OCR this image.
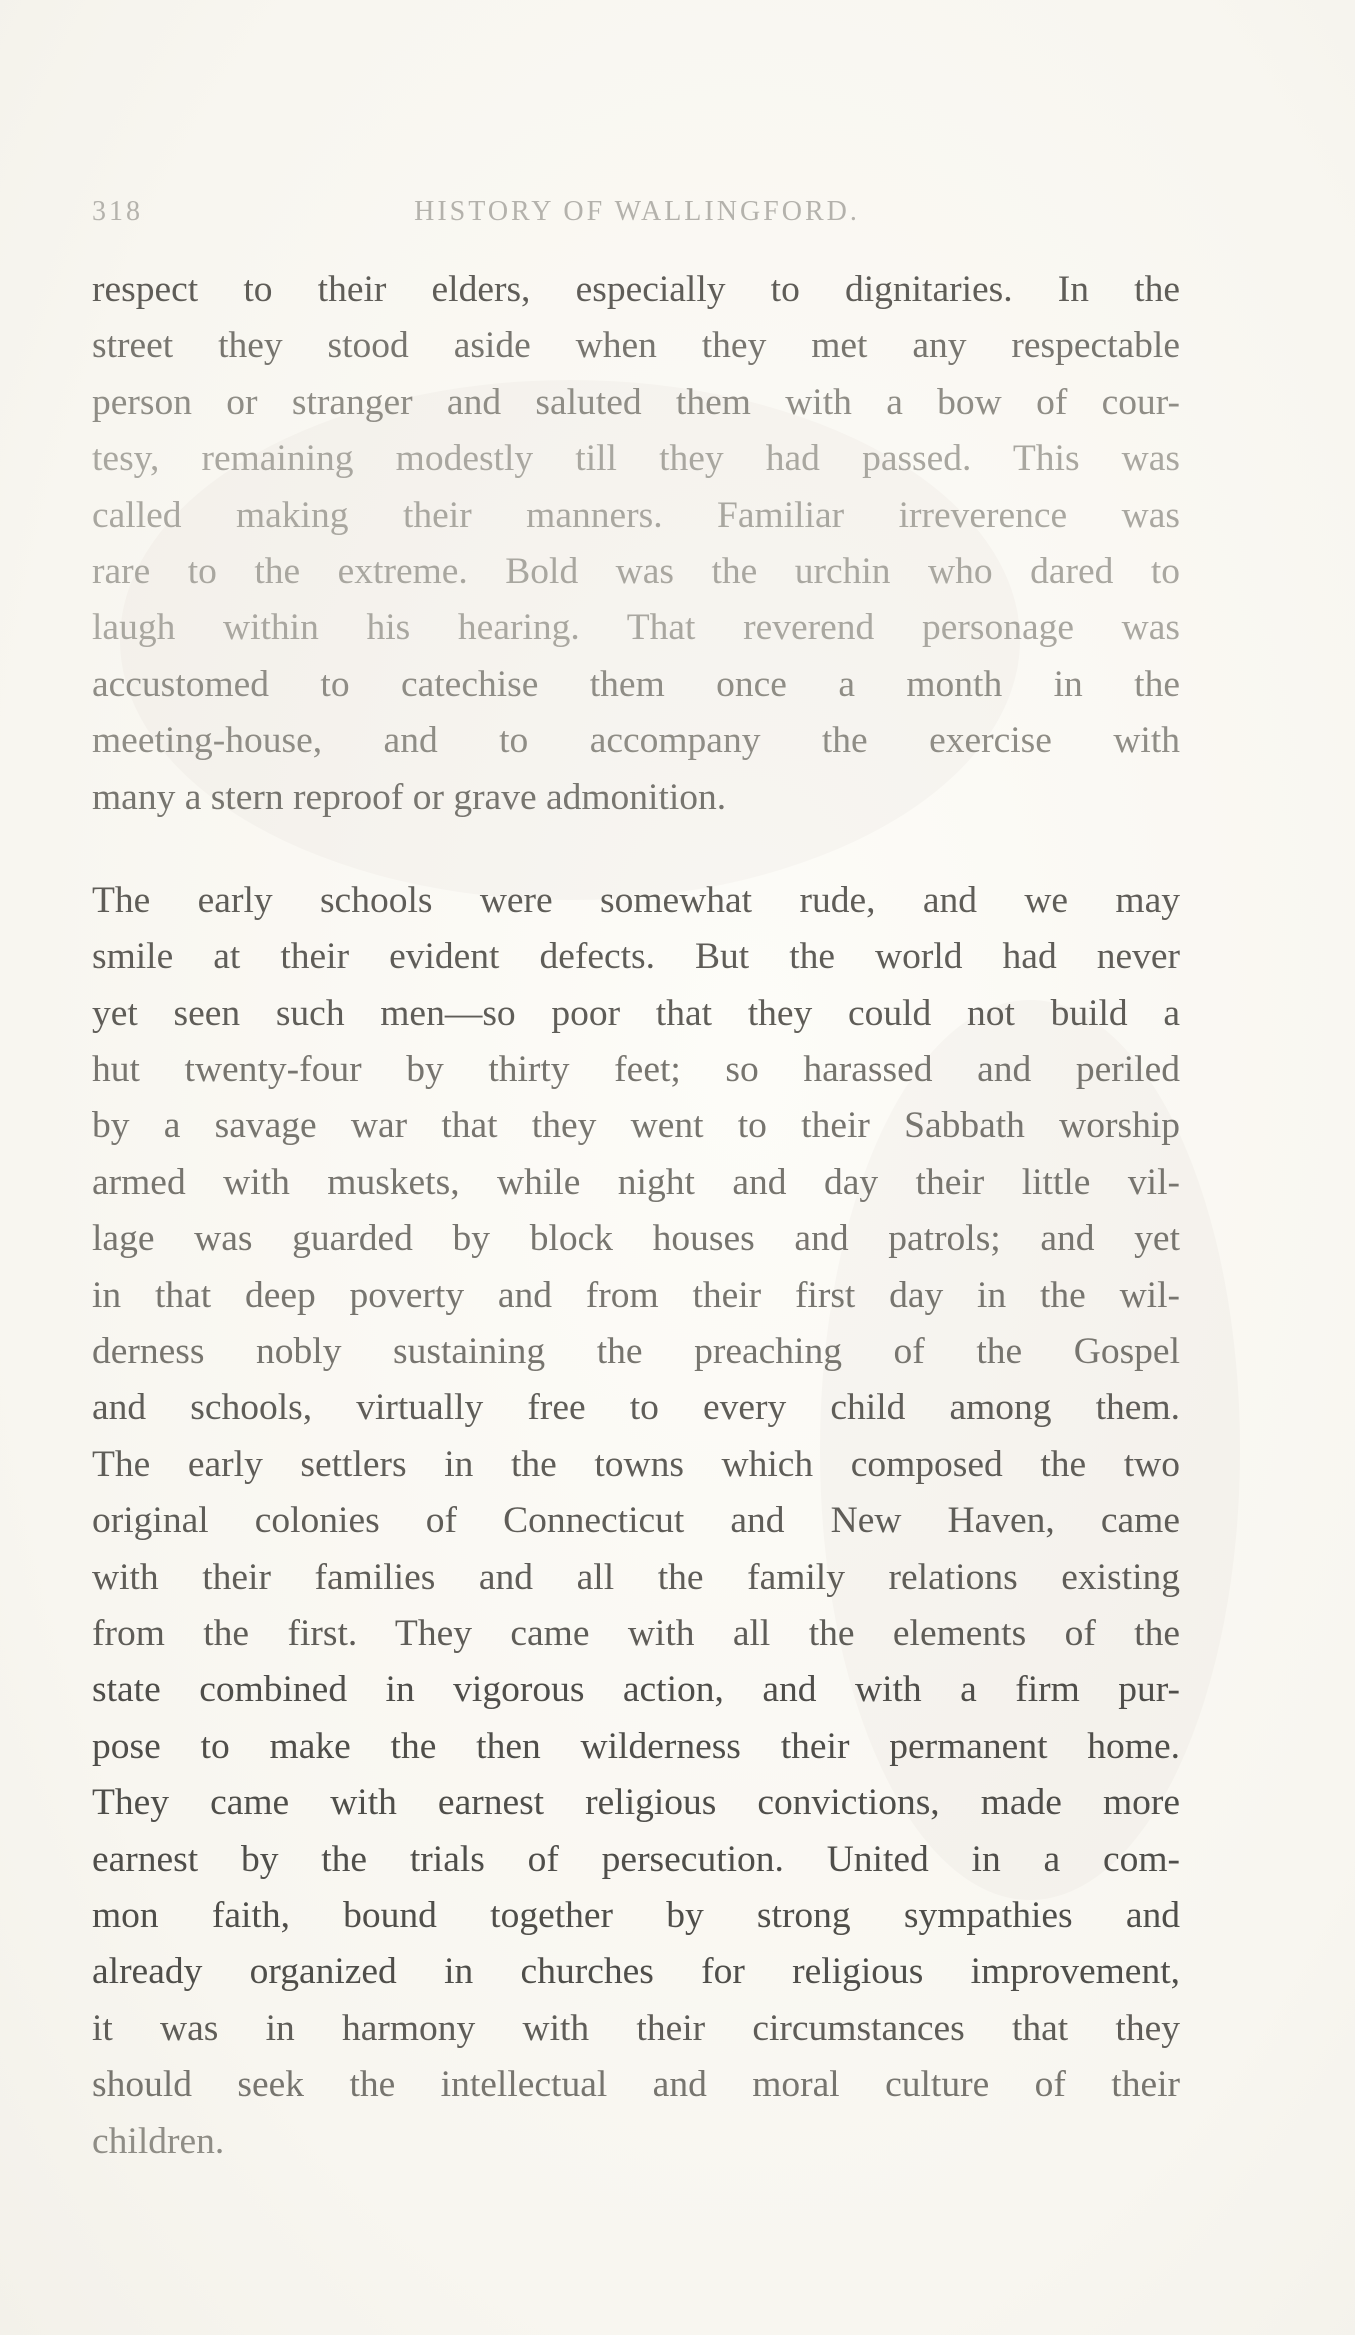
318	HISTORY OF WALLINGFORD.
respect to their elders, especially to dignitaries. In the
street they stood aside when they met any respectable
person or stranger and saluted them with a bow of cour-
tesy, remaining modestly till they had passed. This was
called making their manners. Familiar irreverence was
rare to the extreme. Bold was the urchin who dared to
laugh within his hearing. That reverend personage was
accustomed to catechise them once a month in the
meeting-house, and to accompany the exercise with
many a stern reproof or grave admonition.
The early schools were somewhat rude, and we may
smile at their evident defects. But the world had never
yet seen such men—so poor that they could not build a
hut twenty-four by thirty feet; so harassed and periled
by a savage war that they went to their Sabbath worship
armed with muskets, while night and day their little vil-
lage was guarded by block houses and patrols; and yet
in that deep poverty and from their first day in the wil-
derness nobly sustaining the preaching of the Gospel
and schools, virtually free to every child among them.
The early settlers in the towns which composed the two
original colonies of Connecticut and New Haven, came
with their families and all the family relations existing
from the first. They came with all the elements of the
state combined in vigorous action, and with a firm pur-
pose to make the then wilderness their permanent home.
They came with earnest religious convictions, made more
earnest by the trials of persecution. United in a com-
mon faith, bound together by strong sympathies and
already organized in churches for religious improvement,
it was in harmony with their circumstances that they
should seek the intellectual and moral culture of their
children.
